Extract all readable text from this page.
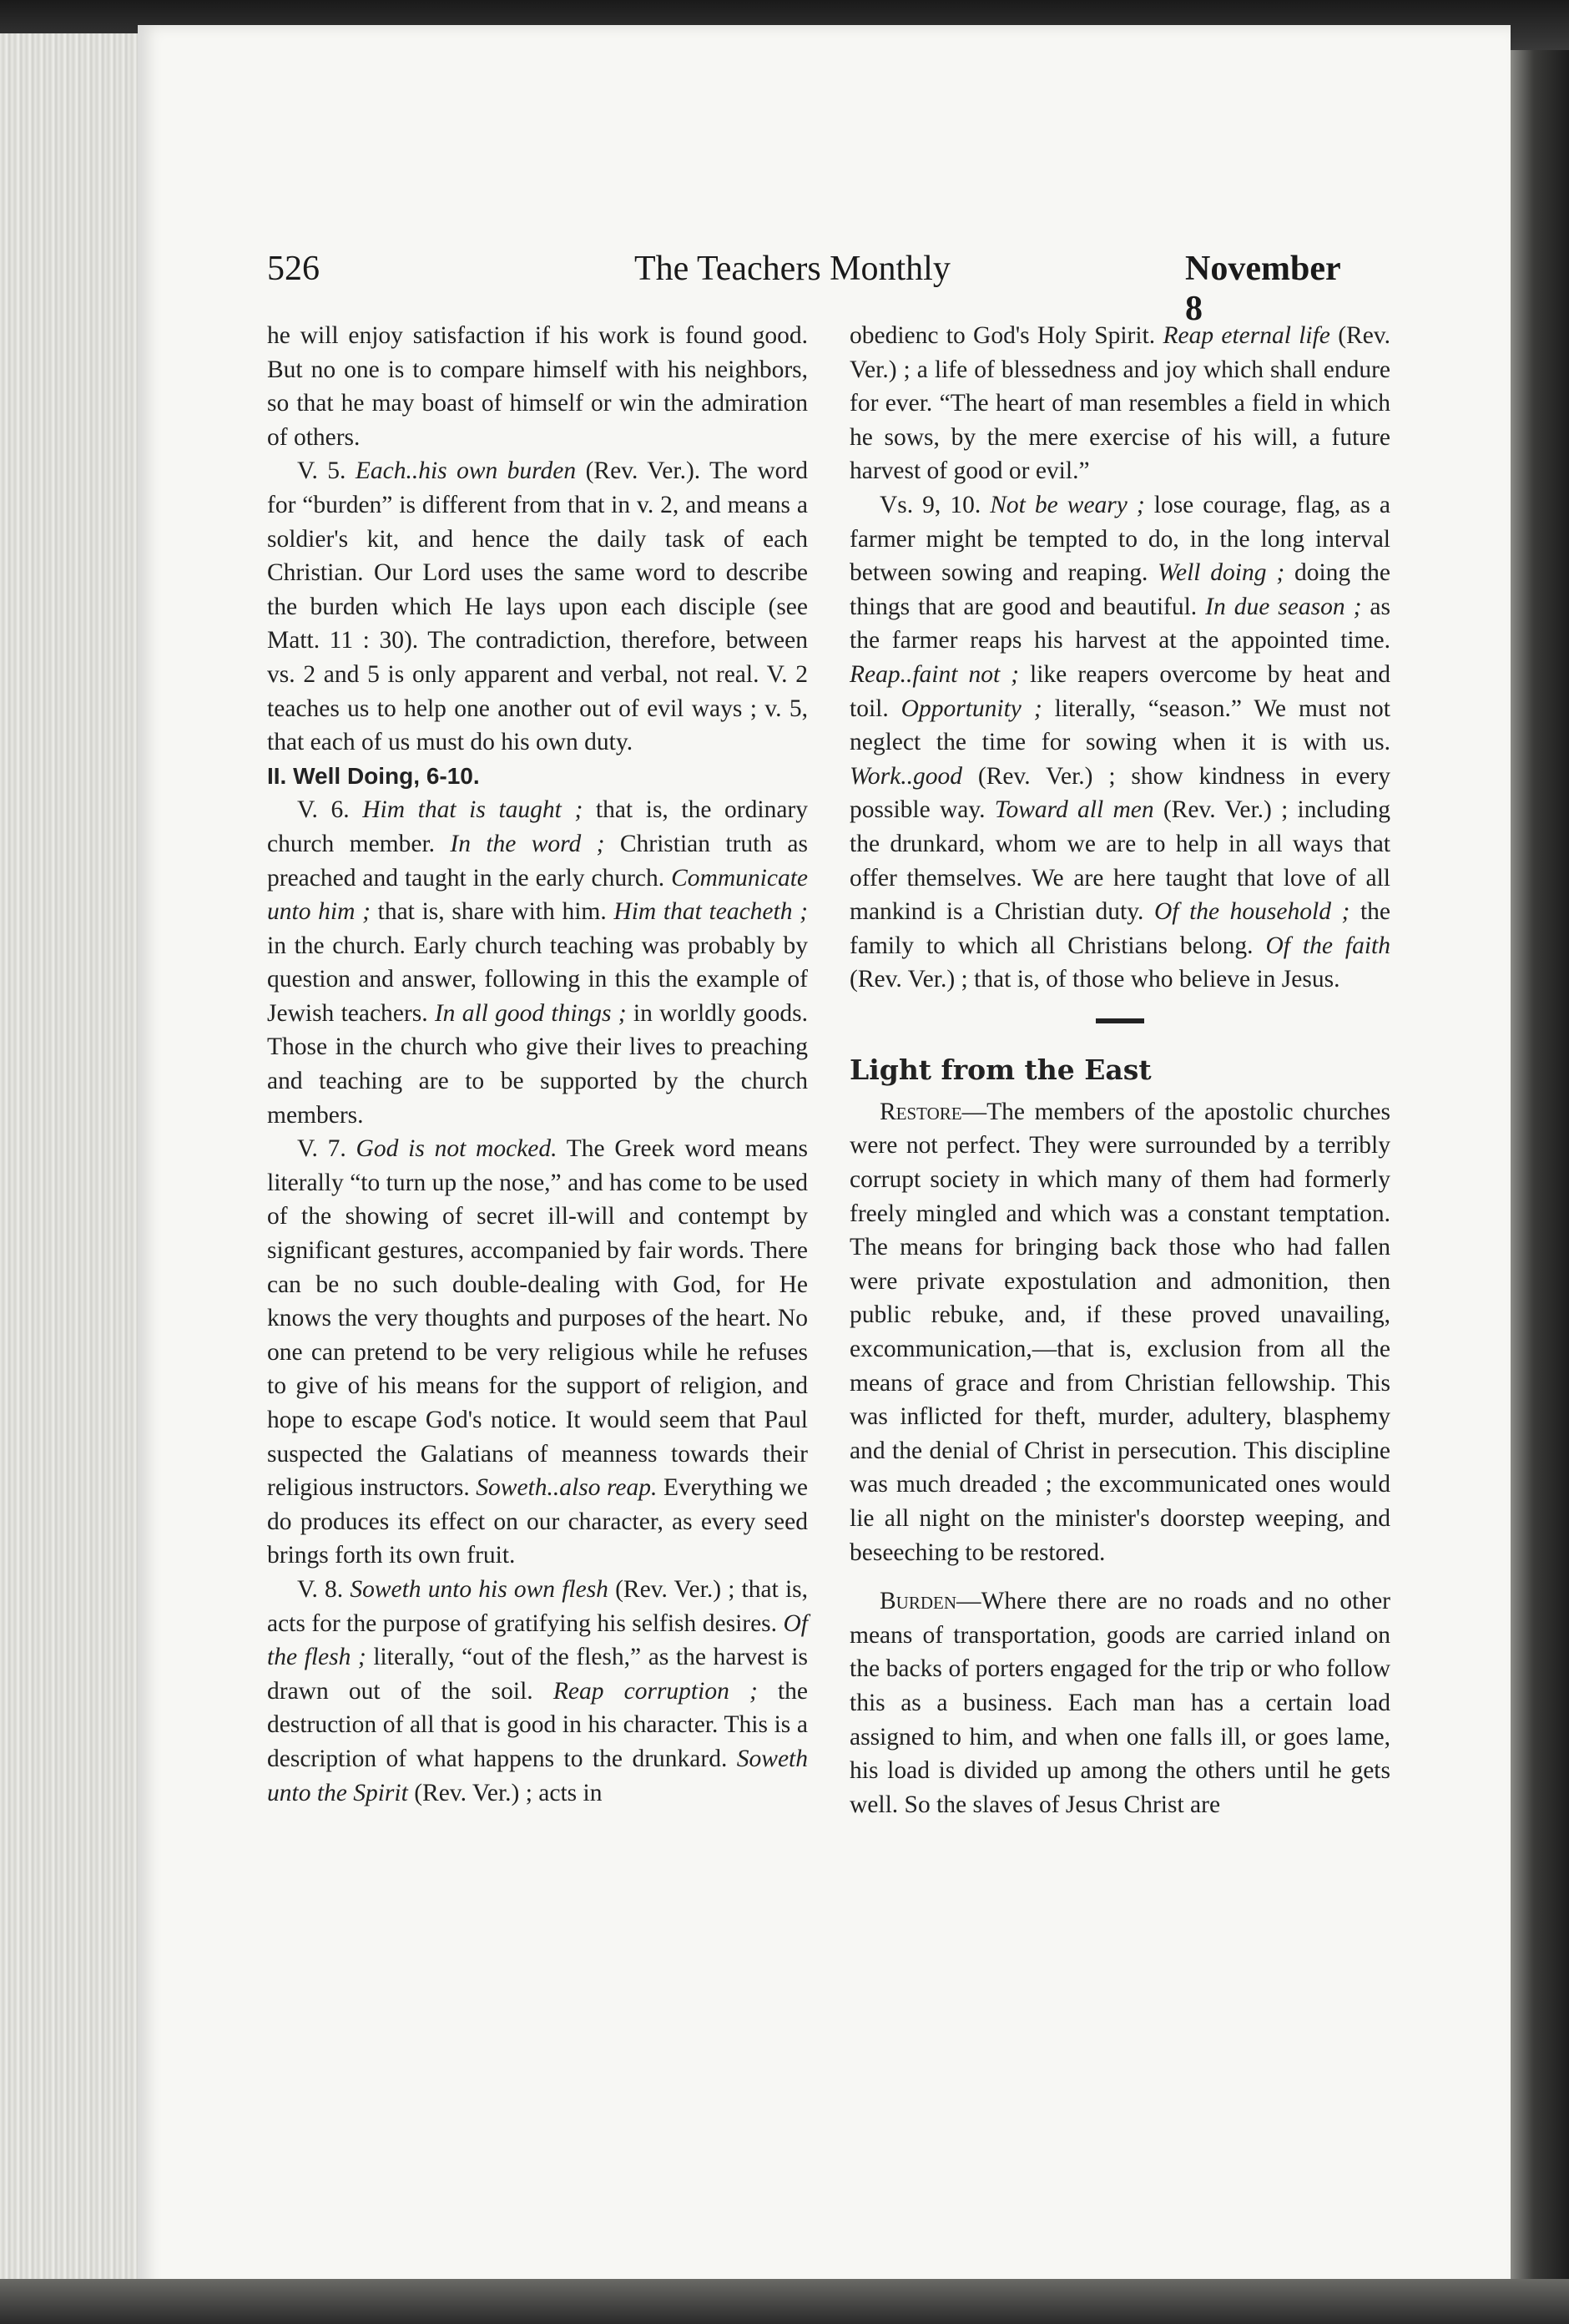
526	The Teachers Monthly	November 8

he will enjoy satisfaction if his work is found good. But no one is to compare himself with his neighbors, so that he may boast of himself or win the admiration of others.

V. 5. Each..his own burden (Rev. Ver.). The word for “burden” is different from that in v. 2, and means a soldier's kit, and hence the daily task of each Christian. Our Lord uses the same word to describe the burden which He lays upon each disciple (see Matt. 11 : 30). The contradiction, therefore, between vs. 2 and 5 is only apparent and verbal, not real. V. 2 teaches us to help one another out of evil ways ; v. 5, that each of us must do his own duty.

II. Well Doing, 6-10.

V. 6. Him that is taught ; that is, the ordinary church member. In the word ; Christian truth as preached and taught in the early church. Communicate unto him ; that is, share with him. Him that teacheth ; in the church. Early church teaching was probably by question and answer, following in this the example of Jewish teachers. In all good things ; in worldly goods. Those in the church who give their lives to preaching and teaching are to be supported by the church members.

V. 7. God is not mocked. The Greek word means literally “to turn up the nose,” and has come to be used of the showing of secret ill-will and contempt by significant gestures, accompanied by fair words. There can be no such double-dealing with God, for He knows the very thoughts and purposes of the heart. No one can pretend to be very religious while he refuses to give of his means for the support of religion, and hope to escape God's notice. It would seem that Paul suspected the Galatians of meanness towards their religious instructors. Soweth..also reap. Everything we do produces its effect on our character, as every seed brings forth its own fruit.

V. 8. Soweth unto his own flesh (Rev. Ver.) ; that is, acts for the purpose of gratifying his selfish desires. Of the flesh ; literally, “out of the flesh,” as the harvest is drawn out of the soil. Reap corruption ; the destruction of all that is good in his character. This is a description of what happens to the drunkard. Soweth unto the Spirit (Rev. Ver.) ; acts in

obedienc to God's Holy Spirit. Reap eternal life (Rev. Ver.) ; a life of blessedness and joy which shall endure for ever. “The heart of man resembles a field in which he sows, by the mere exercise of his will, a future harvest of good or evil.”

Vs. 9, 10. Not be weary ; lose courage, flag, as a farmer might be tempted to do, in the long interval between sowing and reaping. Well doing ; doing the things that are good and beautiful. In due season ; as the farmer reaps his harvest at the appointed time. Reap..faint not ; like reapers overcome by heat and toil. Opportunity ; literally, “season.” We must not neglect the time for sowing when it is with us. Work..good (Rev. Ver.) ; show kindness in every possible way. Toward all men (Rev. Ver.) ; including the drunkard, whom we are to help in all ways that offer themselves. We are here taught that love of all mankind is a Christian duty. Of the household ; the family to which all Christians belong. Of the faith (Rev. Ver.) ; that is, of those who believe in Jesus.

Light from the East

Restore—The members of the apostolic churches were not perfect. They were surrounded by a terribly corrupt society in which many of them had formerly freely mingled and which was a constant temptation. The means for bringing back those who had fallen were private expostulation and admonition, then public rebuke, and, if these proved unavailing, excommunication,—that is, exclusion from all the means of grace and from Christian fellowship. This was inflicted for theft, murder, adultery, blasphemy and the denial of Christ in persecution. This discipline was much dreaded ; the excommunicated ones would lie all night on the minister's doorstep weeping, and beseeching to be restored.

Burden—Where there are no roads and no other means of transportation, goods are carried inland on the backs of porters engaged for the trip or who follow this as a business. Each man has a certain load assigned to him, and when one falls ill, or goes lame, his load is divided up among the others until he gets well. So the slaves of Jesus Christ are
